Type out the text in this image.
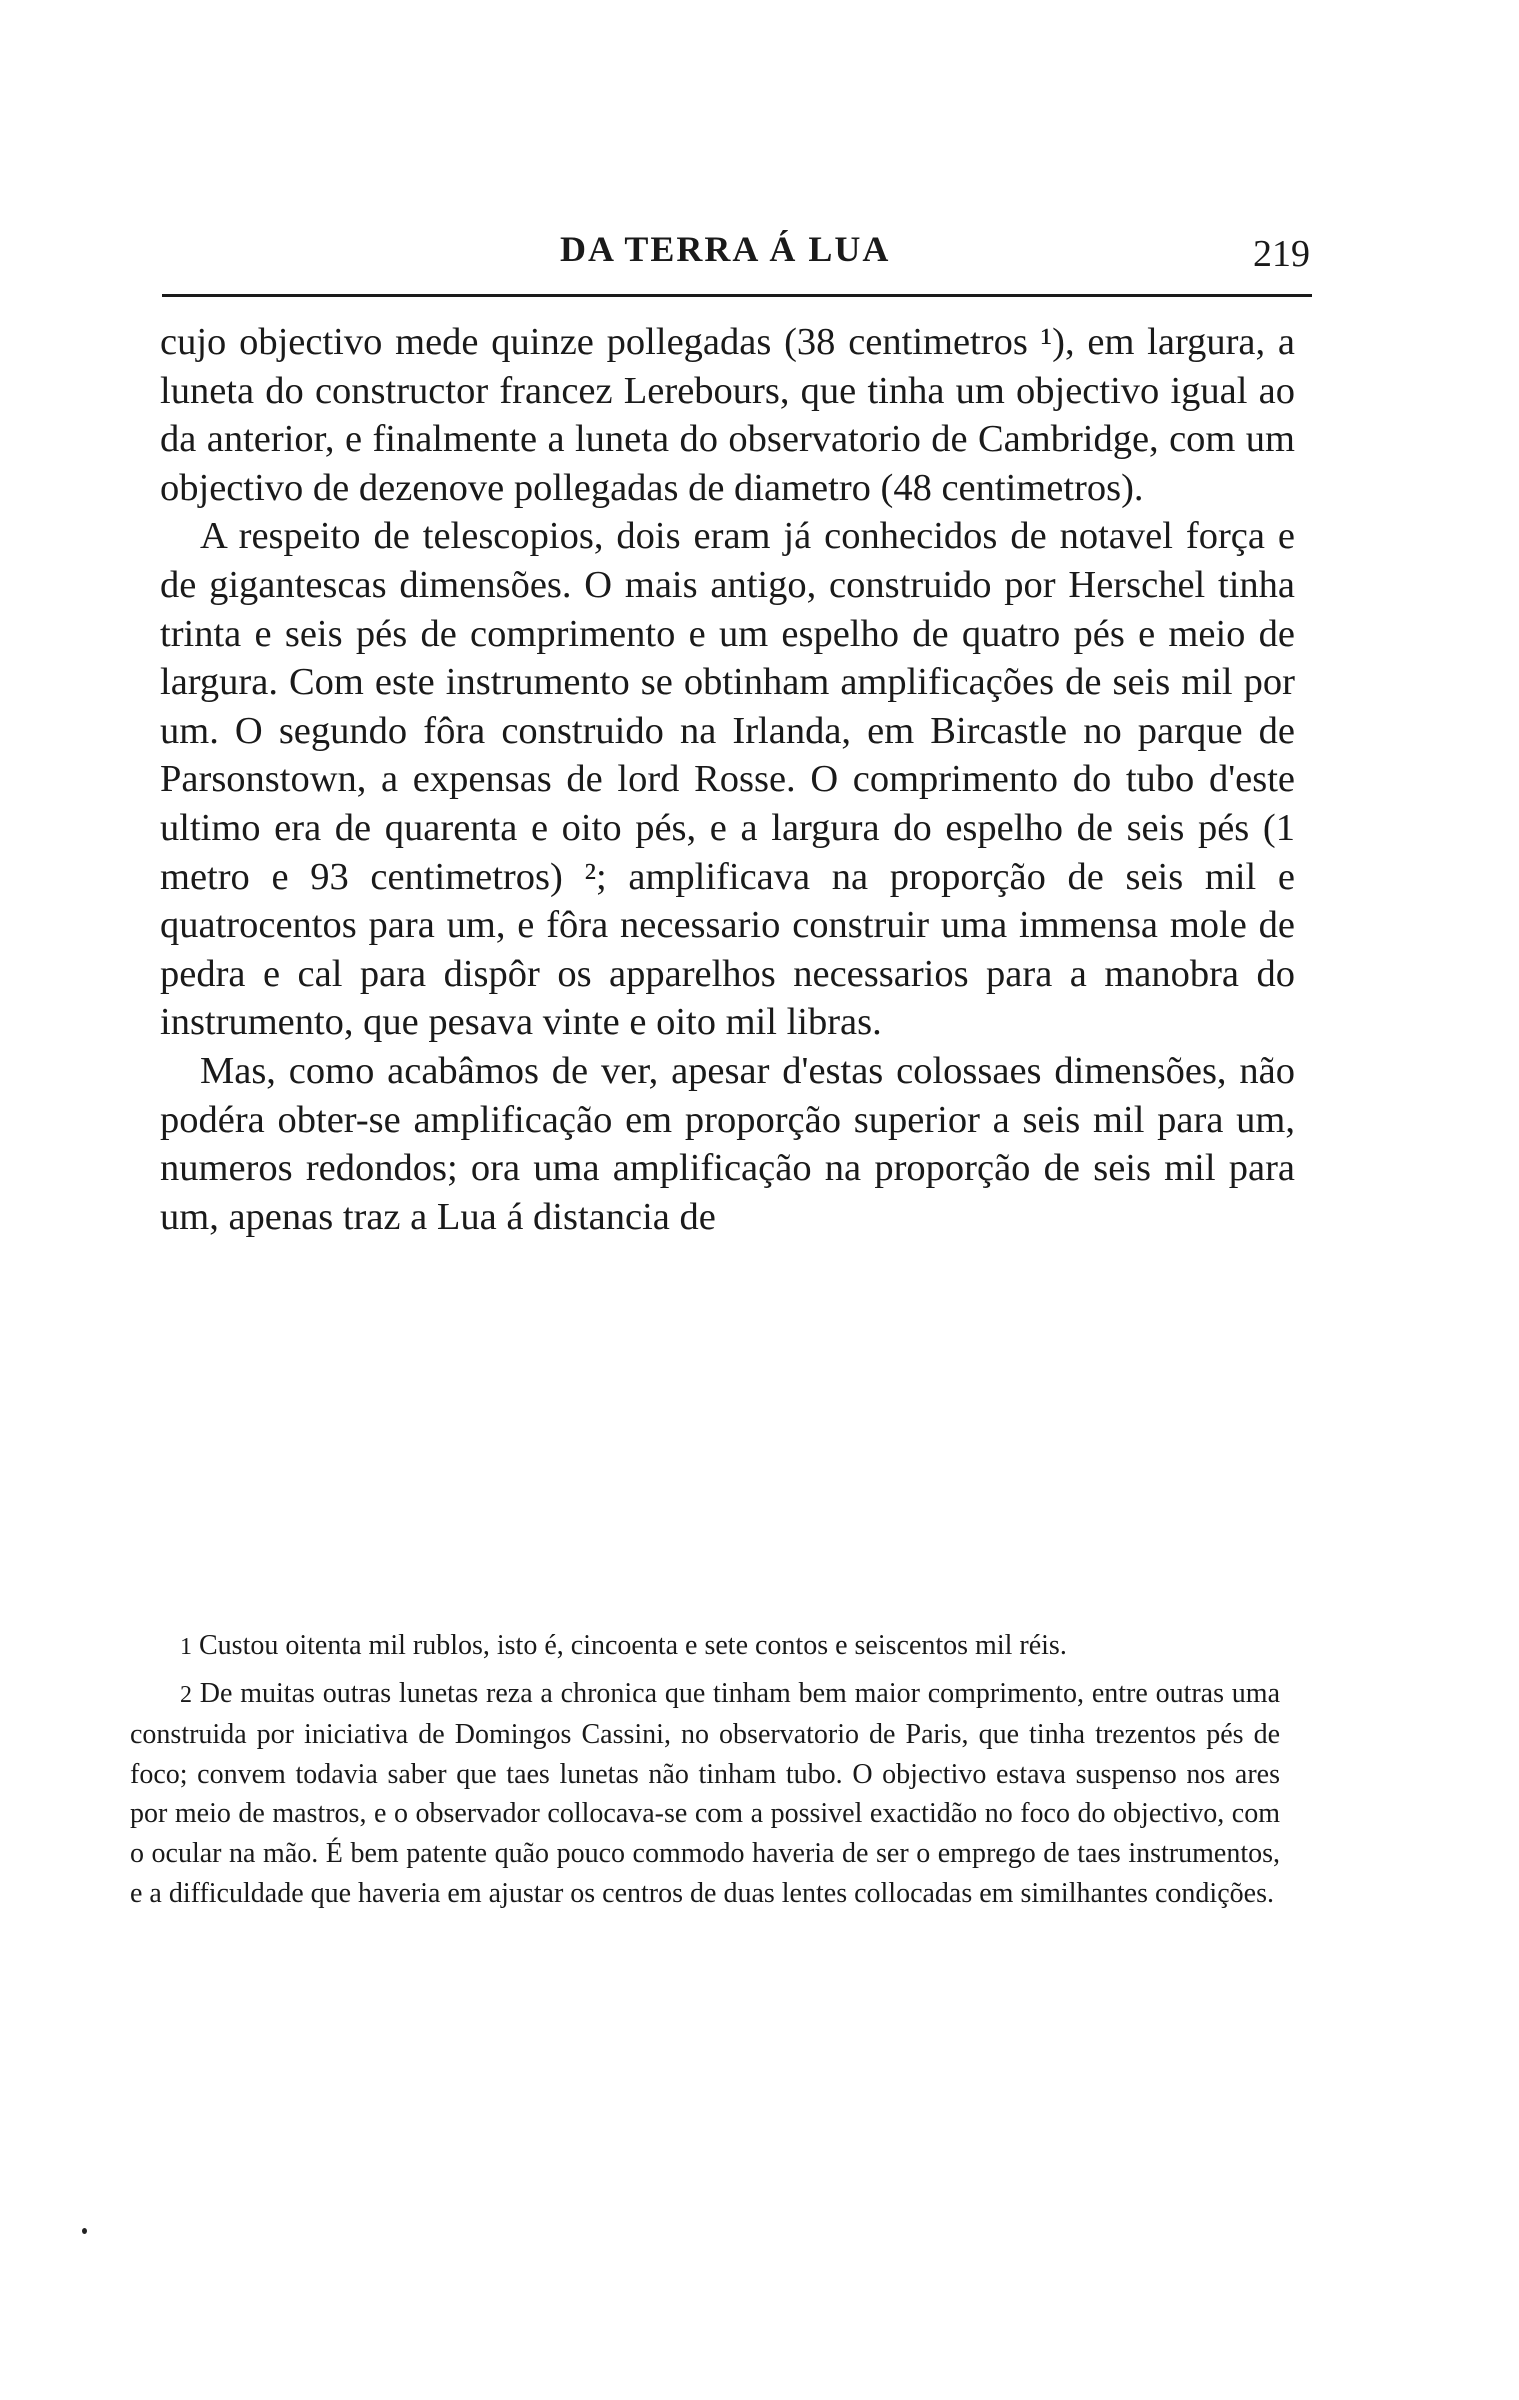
DA TERRA Á LUA	219

cujo objectivo mede quinze pollegadas (38 centimetros ¹), em largura, a luneta do constructor francez Lerebours, que tinha um objectivo igual ao da anterior, e finalmente a luneta do observatorio de Cambridge, com um objectivo de dezenove pollegadas de diametro (48 centimetros).

A respeito de telescopios, dois eram já conhecidos de notavel força e de gigantescas dimensões. O mais antigo, construido por Herschel tinha trinta e seis pés de comprimento e um espelho de quatro pés e meio de largura. Com este instrumento se obtinham amplificações de seis mil por um. O segundo fôra construido na Irlanda, em Bircastle no parque de Parsonstown, a expensas de lord Rosse. O comprimento do tubo d'este ultimo era de quarenta e oito pés, e a largura do espelho de seis pés (1 metro e 93 centimetros) ²; amplificava na proporção de seis mil e quatrocentos para um, e fôra necessario construir uma immensa mole de pedra e cal para dispôr os apparelhos necessarios para a manobra do instrumento, que pesava vinte e oito mil libras.

Mas, como acabâmos de ver, apesar d'estas colossaes dimensões, não podéra obter-se amplificação em proporção superior a seis mil para um, numeros redondos; ora uma amplificação na proporção de seis mil para um, apenas traz a Lua á distancia de

1 Custou oitenta mil rublos, isto é, cincoenta e sete contos e seiscentos mil réis.

2 De muitas outras lunetas reza a chronica que tinham bem maior comprimento, entre outras uma construida por iniciativa de Domingos Cassini, no observatorio de Paris, que tinha trezentos pés de foco; convem todavia saber que taes lunetas não tinham tubo. O objectivo estava suspenso nos ares por meio de mastros, e o observador collocava-se com a possivel exactidão no foco do objectivo, com o ocular na mão. É bem patente quão pouco commodo haveria de ser o emprego de taes instrumentos, e a difficuldade que haveria em ajustar os centros de duas lentes collocadas em similhantes condições.
